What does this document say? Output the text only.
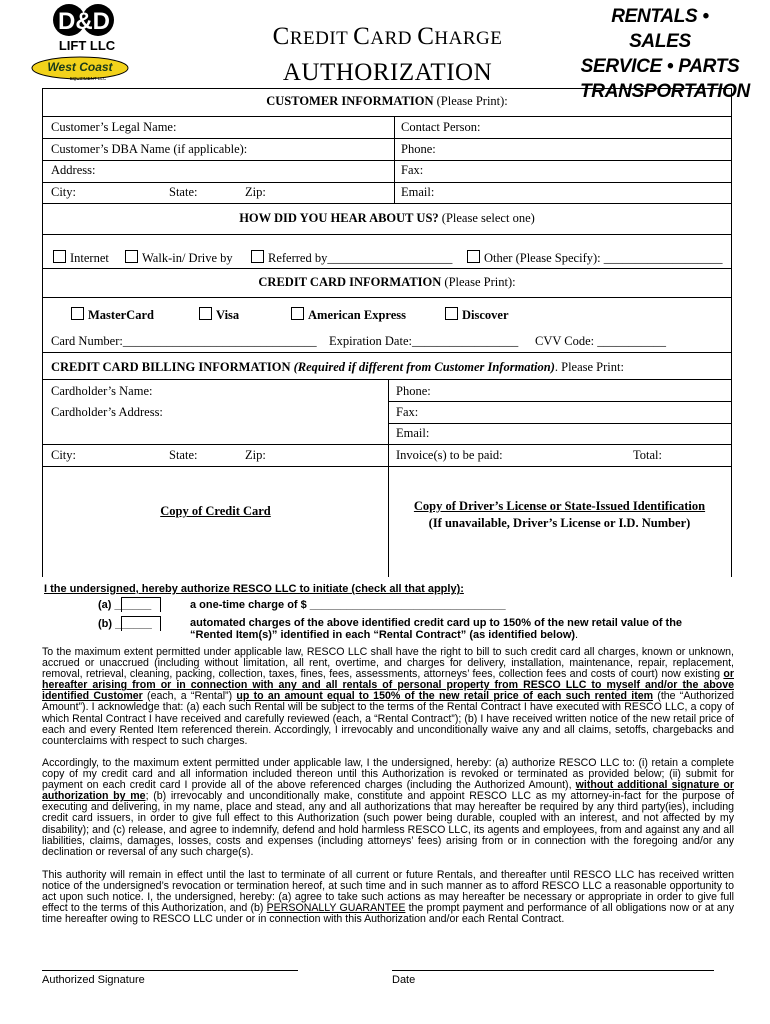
D&D
LIFT LLC
West Coast
EQUIPMENT LLC
CREDIT CARD CHARGE
AUTHORIZATION
RENTALS • SALES
SERVICE • PARTS
TRANSPORTATION
CUSTOMER INFORMATION (Please Print):
Customer’s Legal Name:	Contact Person:
Customer’s DBA Name (if applicable):	Phone:
Address:	Fax:
City:	State:	Zip:	Email:
HOW DID YOU HEAR ABOUT US? (Please select one)
Internet	Walk-in/ Drive by	Referred by____________________	Other (Please Specify): ___________________
CREDIT CARD INFORMATION (Please Print):
MasterCard	Visa	American Express	Discover
Card Number:_______________________________ Expiration Date:_________________ CVV Code: ___________
CREDIT CARD BILLING INFORMATION (Required if different from Customer Information). Please Print:
Cardholder’s Name:	Phone:
Cardholder’s Address:	Fax:
Email:
City:	State:	Zip:	Invoice(s) to be paid:	Total:
Copy of Credit Card	Copy of Driver’s License or State-Issued Identification
(If unavailable, Driver’s License or I.D. Number)
I the undersigned, hereby authorize RESCO LLC to initiate (check all that apply):
(a) ______	a one-time charge of $ ________________________________
(b) ______	automated charges of the above identified credit card up to 150% of the new retail value of the “Rented Item(s)” identified in each “Rental Contract” (as identified below).

To the maximum extent permitted under applicable law, RESCO LLC shall have the right to bill to such credit card all charges, known or unknown, accrued or unaccrued (including without limitation, all rent, overtime, and charges for delivery, installation, maintenance, repair, replacement, removal, retrieval, cleaning, packing, collection, taxes, fines, fees, assessments, attorneys’ fees, collection fees and costs of court) now existing or hereafter arising from or in connection with any and all rentals of personal property from RESCO LLC to myself and/or the above identified Customer (each, a “Rental”) up to an amount equal to 150% of the new retail price of each such rented item (the “Authorized Amount”). I acknowledge that: (a) each such Rental will be subject to the terms of the Rental Contract I have executed with RESCO LLC, a copy of which Rental Contract I have received and carefully reviewed (each, a “Rental Contract”); (b) I have received written notice of the new retail price of each and every Rented Item referenced therein. Accordingly, I irrevocably and unconditionally waive any and all claims, setoffs, chargebacks and counterclaims with respect to such charges.

Accordingly, to the maximum extent permitted under applicable law, I the undersigned, hereby: (a) authorize RESCO LLC to: (i) retain a complete copy of my credit card and all information included thereon until this Authorization is revoked or terminated as provided below; (ii) submit for payment on each credit card I provide all of the above referenced charges (including the Authorized Amount), without additional signature or authorization by me; (b) irrevocably and unconditionally make, constitute and appoint RESCO LLC as my attorney-in-fact for the purpose of executing and delivering, in my name, place and stead, any and all authorizations that may hereafter be required by any third party(ies), including credit card issuers, in order to give full effect to this Authorization (such power being durable, coupled with an interest, and not affected by my disability); and (c) release, and agree to indemnify, defend and hold harmless RESCO LLC, its agents and employees, from and against any and all liabilities, claims, damages, losses, costs and expenses (including attorneys’ fees) arising from or in connection with the foregoing and/or any declination or reversal of any such charge(s).

This authority will remain in effect until the last to terminate of all current or future Rentals, and thereafter until RESCO LLC has received written notice of the undersigned’s revocation or termination hereof, at such time and in such manner as to afford RESCO LLC a reasonable opportunity to act upon such notice. I, the undersigned, hereby: (a) agree to take such actions as may hereafter be necessary or appropriate in order to give full effect to the terms of this Authorization, and (b) PERSONALLY GUARANTEE the prompt payment and performance of all obligations now or at any time hereafter owing to RESCO LLC under or in connection with this Authorization and/or each Rental Contract.

Authorized Signature	Date
